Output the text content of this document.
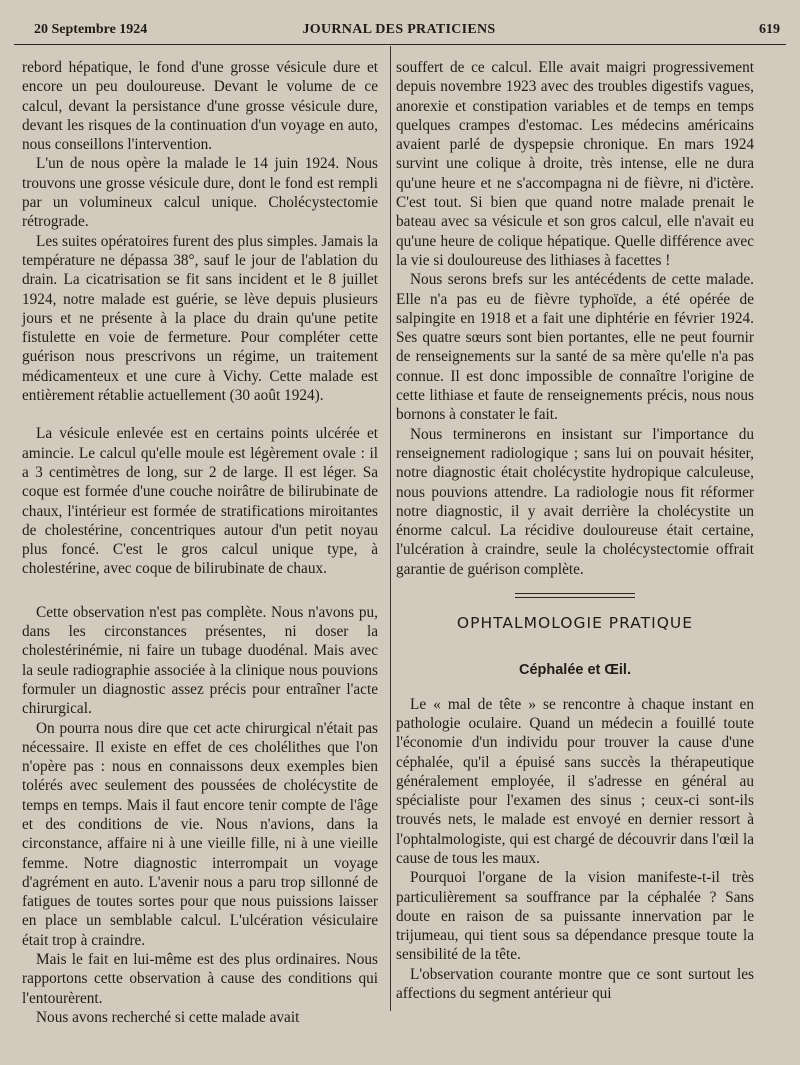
20 Septembre 1924	JOURNAL DES PRATICIENS	619

rebord hépatique, le fond d'une grosse vésicule dure et encore un peu douloureuse. Devant le volume de ce calcul, devant la persistance d'une grosse vésicule dure, devant les risques de la continuation d'un voyage en auto, nous conseillons l'intervention.

L'un de nous opère la malade le 14 juin 1924. Nous trouvons une grosse vésicule dure, dont le fond est rempli par un volumineux calcul unique. Cholécystectomie rétrograde.

Les suites opératoires furent des plus simples. Jamais la température ne dépassa 38°, sauf le jour de l'ablation du drain. La cicatrisation se fit sans incident et le 8 juillet 1924, notre malade est guérie, se lève depuis plusieurs jours et ne présente à la place du drain qu'une petite fistulette en voie de fermeture. Pour compléter cette guérison nous prescrivons un régime, un traitement médicamenteux et une cure à Vichy. Cette malade est entièrement rétablie actuellement (30 août 1924).

La vésicule enlevée est en certains points ulcérée et amincie. Le calcul qu'elle moule est légèrement ovale : il a 3 centimètres de long, sur 2 de large. Il est léger. Sa coque est formée d'une couche noirâtre de bilirubinate de chaux, l'intérieur est formée de stratifications miroitantes de cholestérine, concentriques autour d'un petit noyau plus foncé. C'est le gros calcul unique type, à cholestérine, avec coque de bilirubinate de chaux.

Cette observation n'est pas complète. Nous n'avons pu, dans les circonstances présentes, ni doser la cholestérinémie, ni faire un tubage duodénal. Mais avec la seule radiographie associée à la clinique nous pouvions formuler un diagnostic assez précis pour entraîner l'acte chirurgical.

On pourra nous dire que cet acte chirurgical n'était pas nécessaire. Il existe en effet de ces cholélithes que l'on n'opère pas : nous en connaissons deux exemples bien tolérés avec seulement des poussées de cholécystite de temps en temps. Mais il faut encore tenir compte de l'âge et des conditions de vie. Nous n'avions, dans la circonstance, affaire ni à une vieille fille, ni à une vieille femme. Notre diagnostic interrompait un voyage d'agrément en auto. L'avenir nous a paru trop sillonné de fatigues de toutes sortes pour que nous puissions laisser en place un semblable calcul. L'ulcération vésiculaire était trop à craindre.

Mais le fait en lui-même est des plus ordinaires. Nous rapportons cette observation à cause des conditions qui l'entourèrent.

Nous avons recherché si cette malade avait

souffert de ce calcul. Elle avait maigri progressivement depuis novembre 1923 avec des troubles digestifs vagues, anorexie et constipation variables et de temps en temps quelques crampes d'estomac. Les médecins américains avaient parlé de dyspepsie chronique. En mars 1924 survint une colique à droite, très intense, elle ne dura qu'une heure et ne s'accompagna ni de fièvre, ni d'ictère. C'est tout. Si bien que quand notre malade prenait le bateau avec sa vésicule et son gros calcul, elle n'avait eu qu'une heure de colique hépatique. Quelle différence avec la vie si douloureuse des lithiases à facettes !

Nous serons brefs sur les antécédents de cette malade. Elle n'a pas eu de fièvre typhoïde, a été opérée de salpingite en 1918 et a fait une diphtérie en février 1924. Ses quatre sœurs sont bien portantes, elle ne peut fournir de renseignements sur la santé de sa mère qu'elle n'a pas connue. Il est donc impossible de connaître l'origine de cette lithiase et faute de renseignements précis, nous nous bornons à constater le fait.

Nous terminerons en insistant sur l'importance du renseignement radiologique ; sans lui on pouvait hésiter, notre diagnostic était cholécystite hydropique calculeuse, nous pouvions attendre. La radiologie nous fit réformer notre diagnostic, il y avait derrière la cholécystite un énorme calcul. La récidive douloureuse était certaine, l'ulcération à craindre, seule la cholécystectomie offrait garantie de guérison complète.

OPHTALMOLOGIE PRATIQUE
Céphalée et Œil.

Le « mal de tête » se rencontre à chaque instant en pathologie oculaire. Quand un médecin a fouillé toute l'économie d'un individu pour trouver la cause d'une céphalée, qu'il a épuisé sans succès la thérapeutique généralement employée, il s'adresse en général au spécialiste pour l'examen des sinus ; ceux-ci sont-ils trouvés nets, le malade est envoyé en dernier ressort à l'ophtalmologiste, qui est chargé de découvrir dans l'œil la cause de tous les maux.

Pourquoi l'organe de la vision manifeste-t-il très particulièrement sa souffrance par la céphalée ? Sans doute en raison de sa puissante innervation par le trijumeau, qui tient sous sa dépendance presque toute la sensibilité de la tête.

L'observation courante montre que ce sont surtout les affections du segment antérieur qui
